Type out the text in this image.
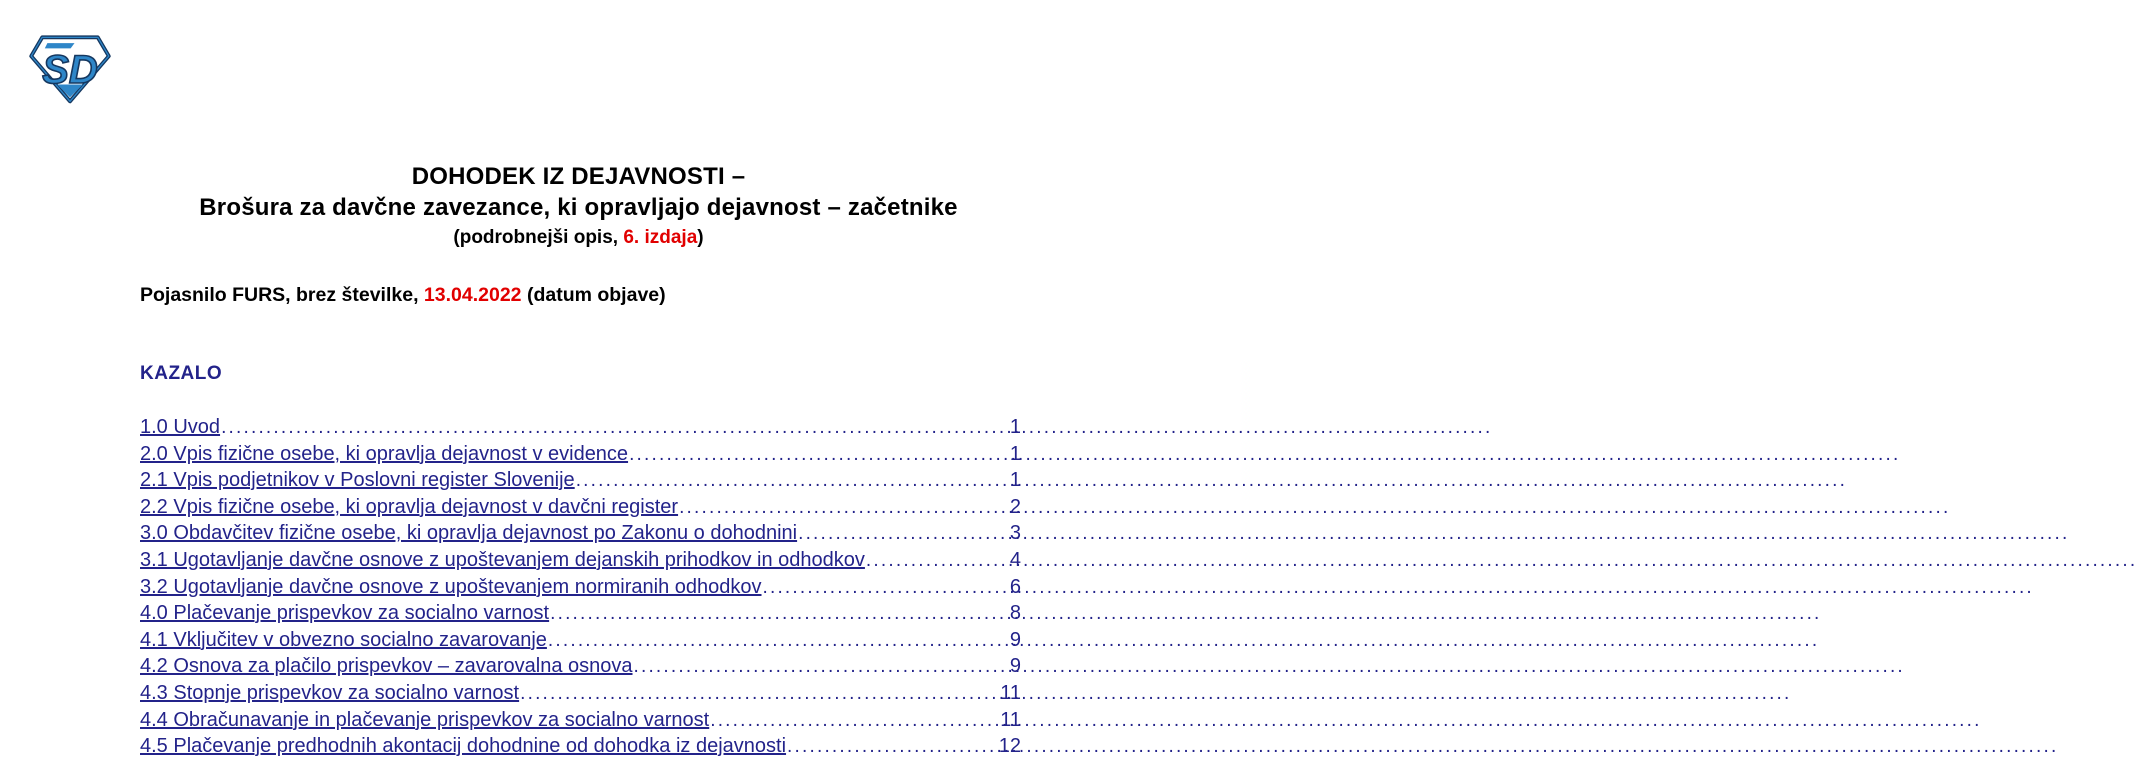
SD
DOHODEK IZ DEJAVNOSTI –
Brošura za davčne zavezance, ki opravljajo dejavnost – začetnike
(podrobnejši opis, 6. izdaja)
Pojasnilo FURS, brez številke, 13.04.2022 (datum objave)
KAZALO
1.0 Uvod .....	1
2.0 Vpis fizične osebe, ki opravlja dejavnost v evidence .....	1
2.1 Vpis podjetnikov v Poslovni register Slovenije .....	1
2.2 Vpis fizične osebe, ki opravlja dejavnost v davčni register .....	2
3.0 Obdavčitev fizične osebe, ki opravlja dejavnost po Zakonu o dohodnini .....	3
3.1 Ugotavljanje davčne osnove z upoštevanjem dejanskih prihodkov in odhodkov .....	4
3.2 Ugotavljanje davčne osnove z upoštevanjem normiranih odhodkov .....	6
4.0 Plačevanje prispevkov za socialno varnost .....	8
4.1 Vključitev v obvezno socialno zavarovanje .....	9
4.2 Osnova za plačilo prispevkov – zavarovalna osnova .....	9
4.3 Stopnje prispevkov za socialno varnost .....	11
4.4 Obračunavanje in plačevanje prispevkov za socialno varnost .....	11
4.5 Plačevanje predhodnih akontacij dohodnine od dohodka iz dejavnosti .....	12
